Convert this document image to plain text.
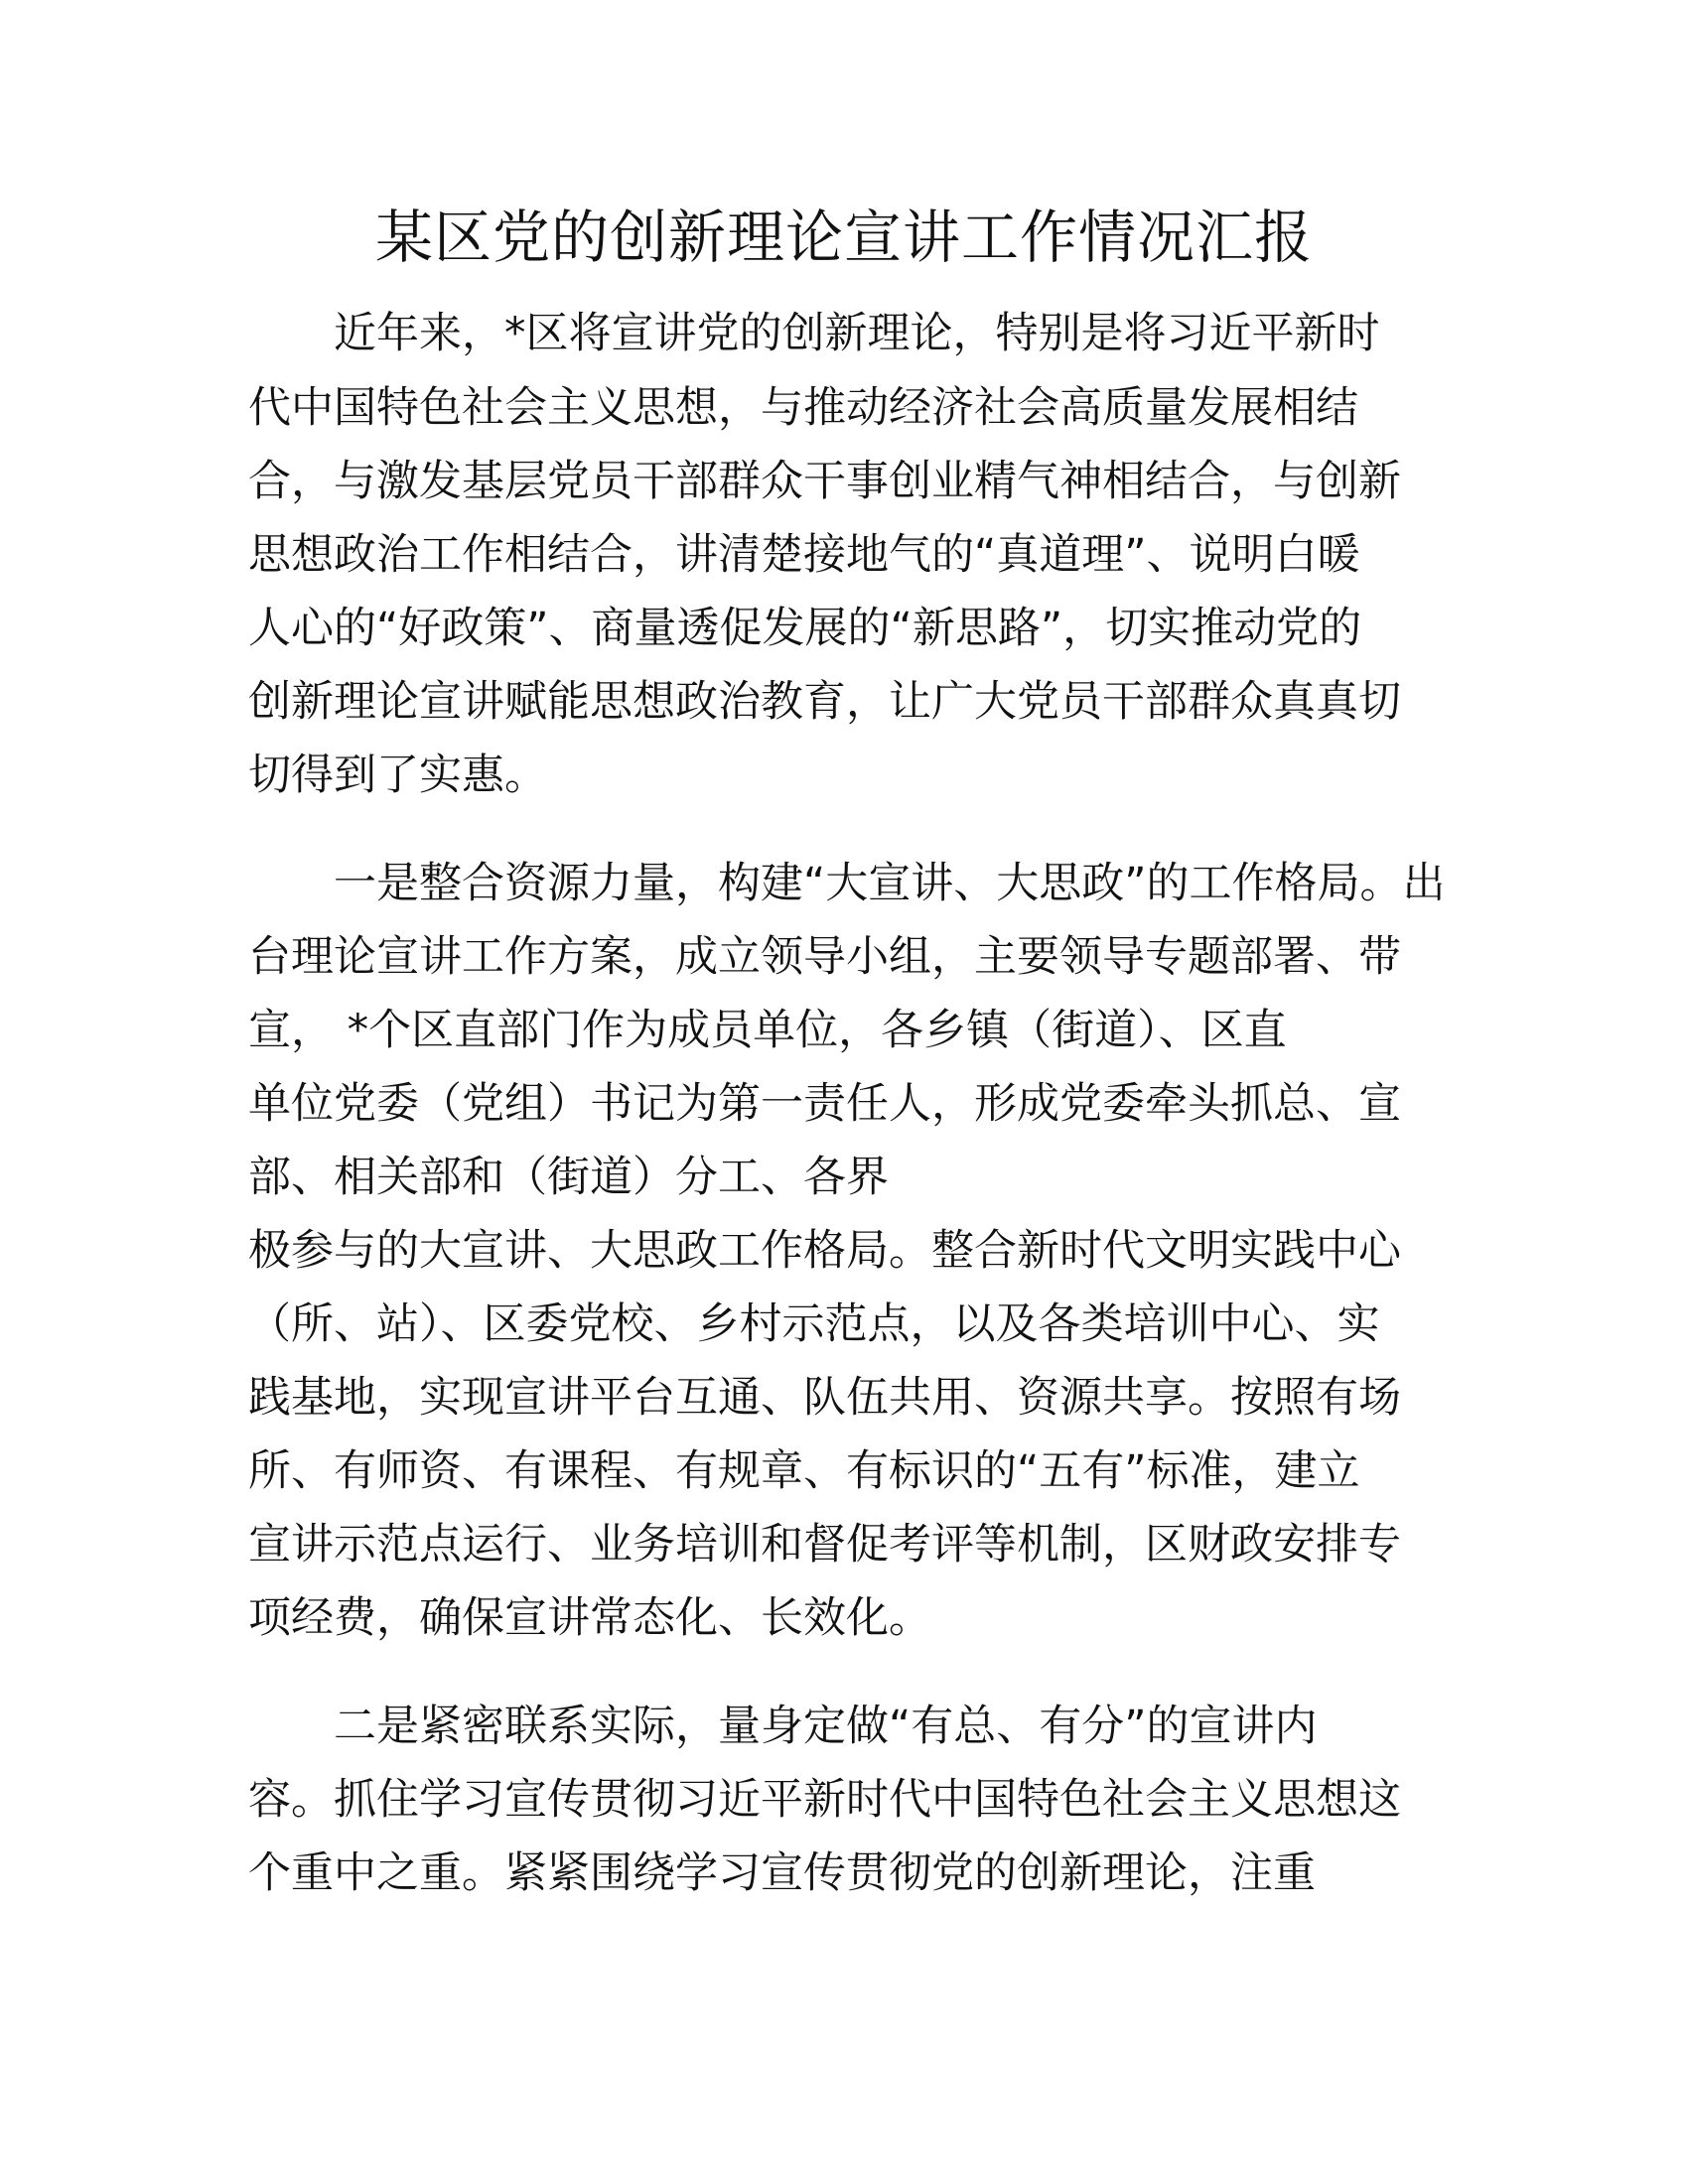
某区党的创新理论宣讲工作情况汇报

近年来，*区将宣讲党的创新理论，特别是将习近平新时

代中国特色社会主义思想，与推动经济社会高质量发展相结

合，与激发基层党员干部群众干事创业精气神相结合，与创新

思想政治工作相结合，讲清楚接地气的“真道理”、说明白暖

人心的“好政策”、商量透促发展的“新思路”，切实推动党的

创新理论宣讲赋能思想政治教育，让广大党员干部群众真真切

切得到了实惠。

一是整合资源力量，构建“大宣讲、大思政”的工作格局。出

台理论宣讲工作方案，成立领导小组，主要领导专题部署、带

宣， *个区直部门作为成员单位，各乡镇（街道）、区直

单位党委（党组）书记为第一责任人，形成党委牵头抓总、宣

部、相关部和（街道）分工、各界

极参与的大宣讲、大思政工作格局。整合新时代文明实践中心

（所、站）、区委党校、乡村示范点，以及各类培训中心、实

践基地，实现宣讲平台互通、队伍共用、资源共享。按照有场

所、有师资、有课程、有规章、有标识的“五有”标准，建立

宣讲示范点运行、业务培训和督促考评等机制，区财政安排专

项经费，确保宣讲常态化、长效化。

二是紧密联系实际，量身定做“有总、有分”的宣讲内

容。抓住学习宣传贯彻习近平新时代中国特色社会主义思想这

个重中之重。紧紧围绕学习宣传贯彻党的创新理论，注重
